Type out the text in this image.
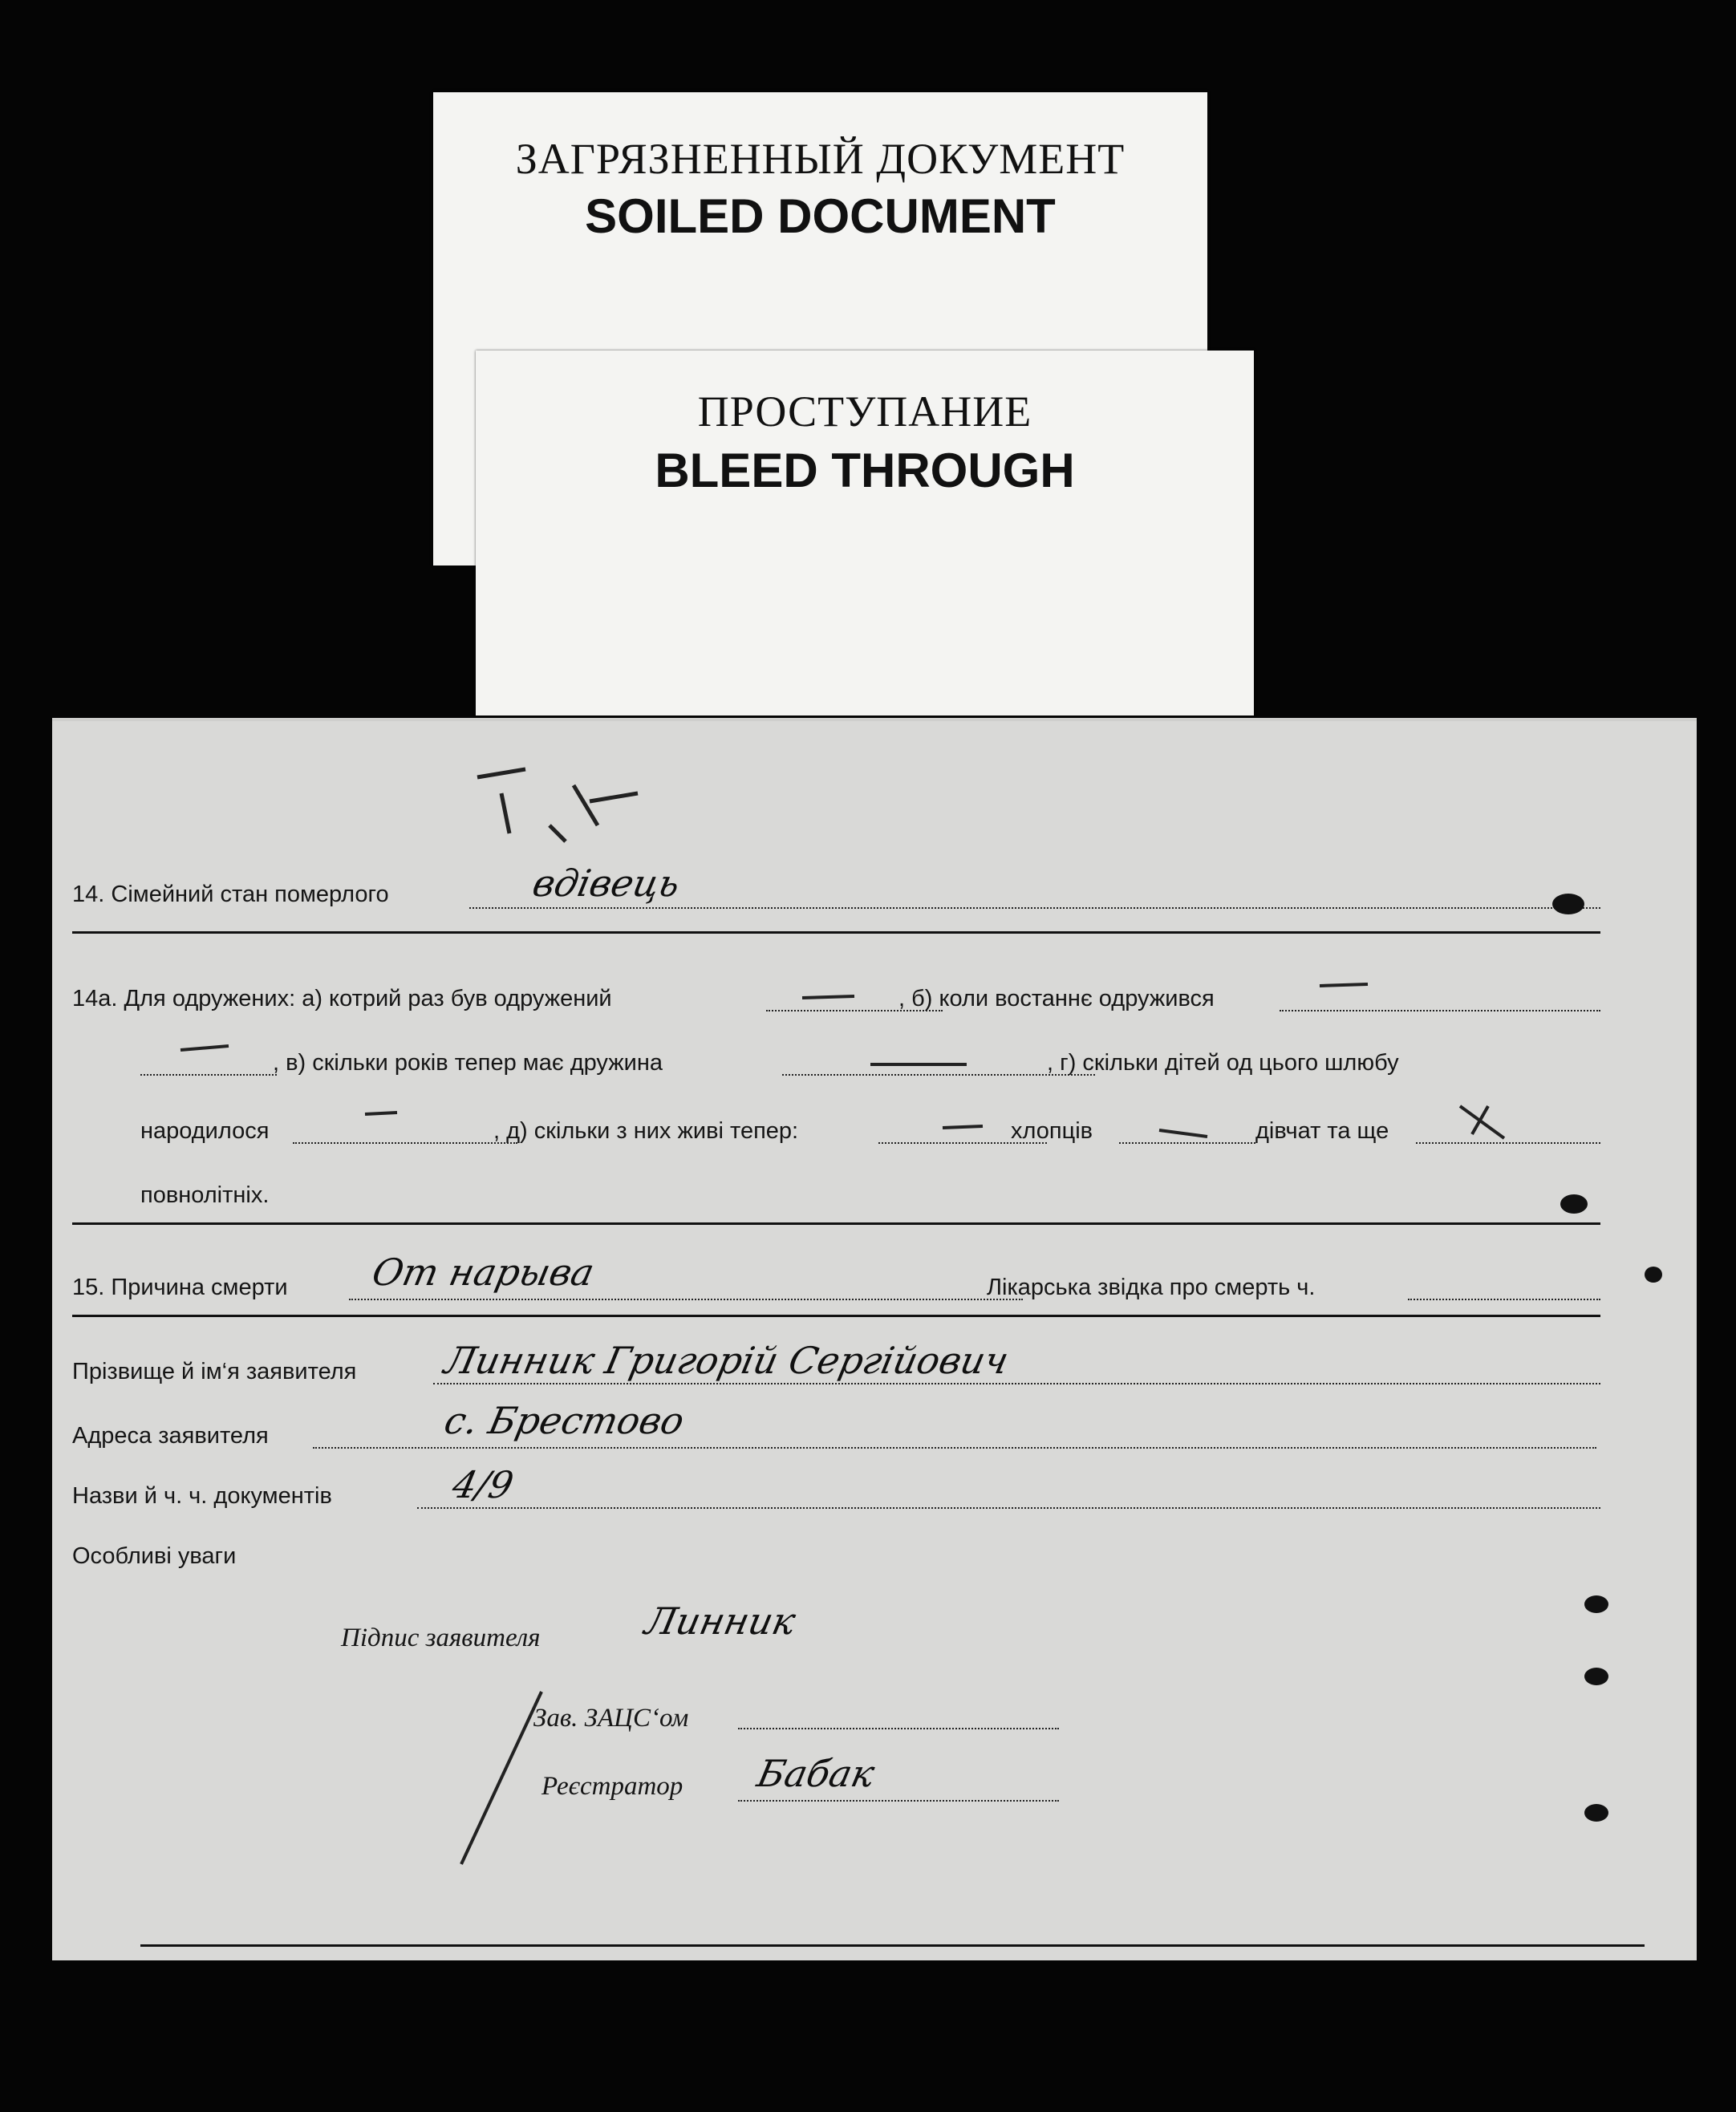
ЗАГРЯЗНЕННЫЙ ДОКУМЕНТ
SOILED DOCUMENT
ПРОСТУПАНИЕ
BLEED THROUGH
14. Сімейний стан померлого	вдівець
14а. Для одружених: а) котрий раз був одружений	, б) коли востаннє одружився
, в) скільки років тепер має дружина	, г) скільки дітей од цього шлюбу
народилося	, д) скільки з них живі тепер:	хлопців	дівчат та ще
повнолітніх.
15. Причина смерти От нарыва	Лікарська звідка про смерть ч.
Прізвище й ім‘я заявителя Линник Григорій Сергійович
Адреса заявителя	с. Брестово
Назви й ч. ч. документів	4/9
Особливі уваги
Підпис заявителя	Линник
Зав. ЗАЦС‘ом
Реєстратор Бабак
